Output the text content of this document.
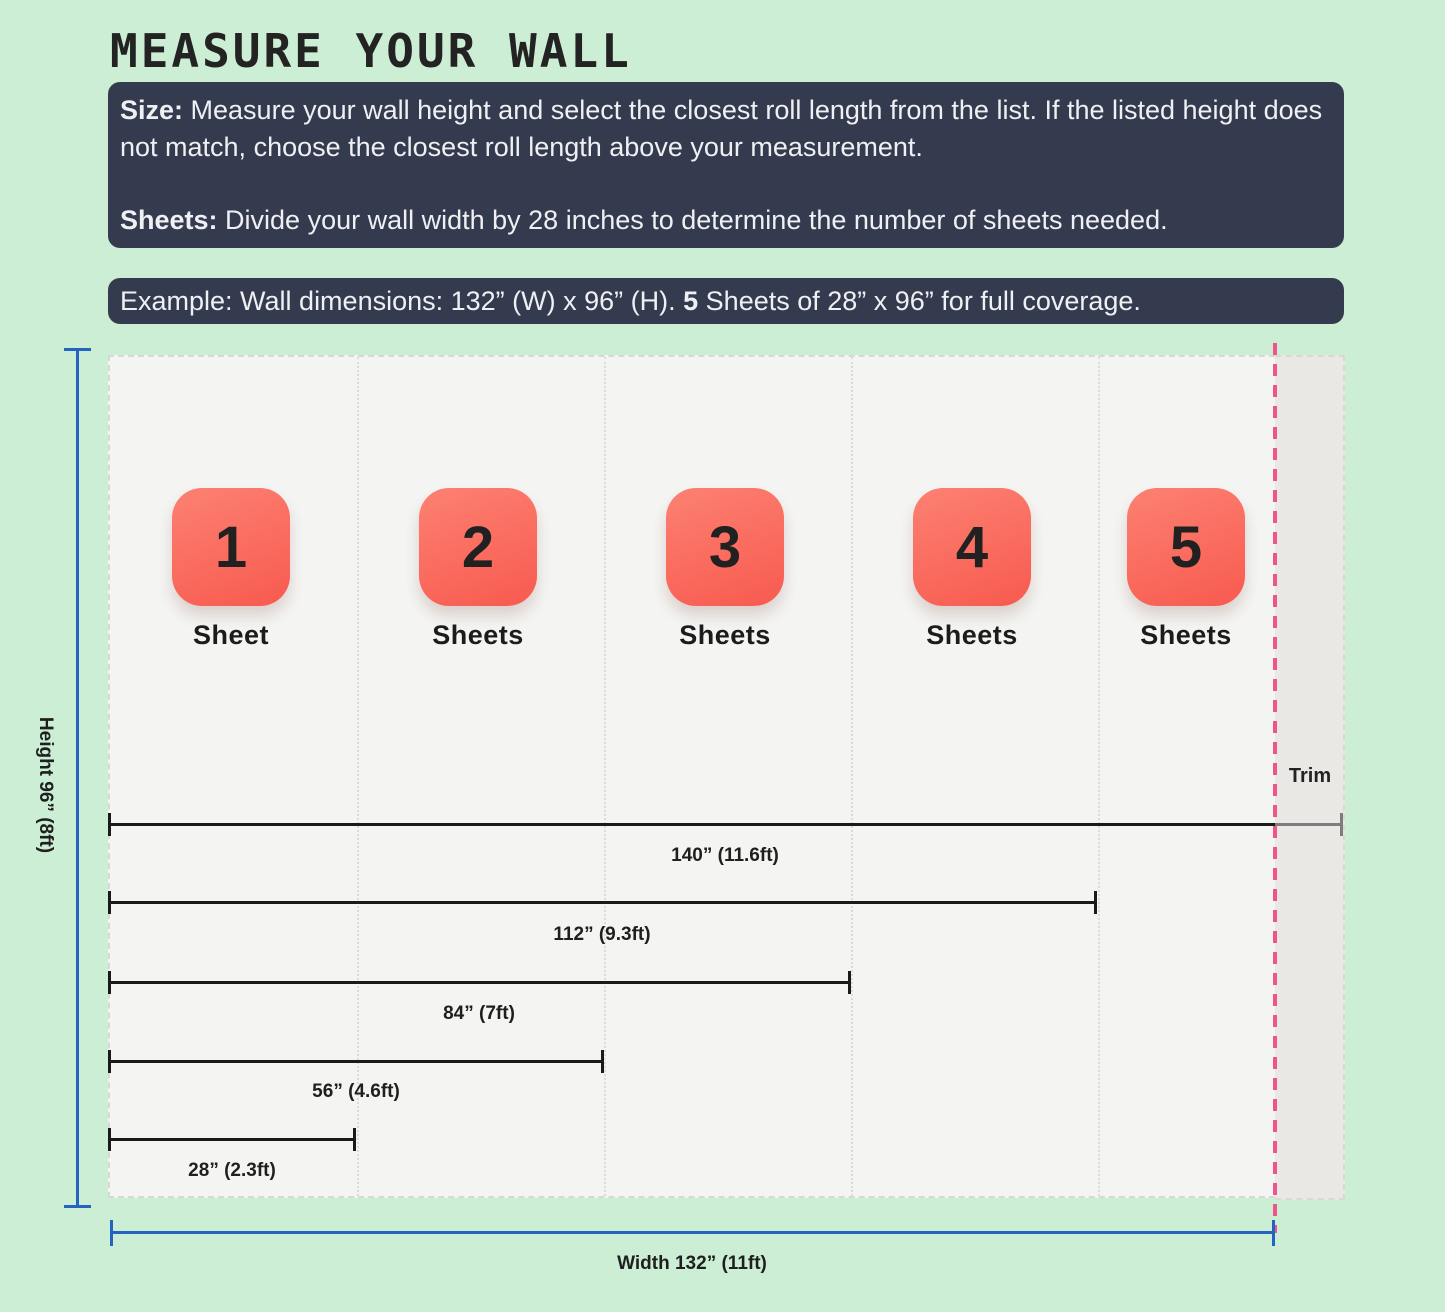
MEASURE YOUR WALL

Size: Measure your wall height and select the closest roll length from the list. If the listed height does not match, choose the closest roll length above your measurement.

Sheets: Divide your wall width by 28 inches to determine the number of sheets needed.

Example: Wall dimensions: 132” (W) x 96” (H). 5 Sheets of 28” x 96” for full coverage.

1
Sheet
2
Sheets
3
Sheets
4
Sheets
5
Sheets
Trim
140” (11.6ft)
112” (9.3ft)
84” (7ft)
56” (4.6ft)
28” (2.3ft)
Height 96” (8ft)
Width 132” (11ft)
